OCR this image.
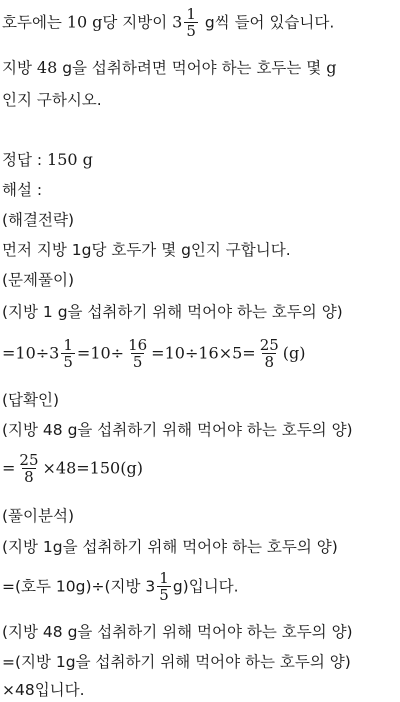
호두에는 10 g당 지방이 $3 \frac{1}{5}$ g씩 들어 있습니다.
지방 48 g을 섭취하려면 먹어야 하는 호두는 몇 g
인지 구하시오.
정답 : 150 g
해설 :
(해결전략)
먼저 지방 1g당 호두가 몇 g인지 구합니다.
(문제풀이)
(지방 1 g을 섭취하기 위해 먹어야 하는 호두의 양)
$=10\div 3 \frac{1}{5} =10\div \frac{16}{5} =10\div 16\times 5= \frac{25}{8} (g)$
(답확인)
(지방 48 g을 섭취하기 위해 먹어야 하는 호두의 양)
= $\frac{25}{8} \times 48=150(g)$
(풀이분석)
(지방 1g을 섭취하기 위해 먹어야 하는 호두의 양)
=(호두 10g)÷(지방 $3 \frac{1}{5} g$)입니다.
(지방 48 g을 섭취하기 위해 먹어야 하는 호두의 양)
=(지방 1g을 섭취하기 위해 먹어야 하는 호두의 양)
×48입니다.
